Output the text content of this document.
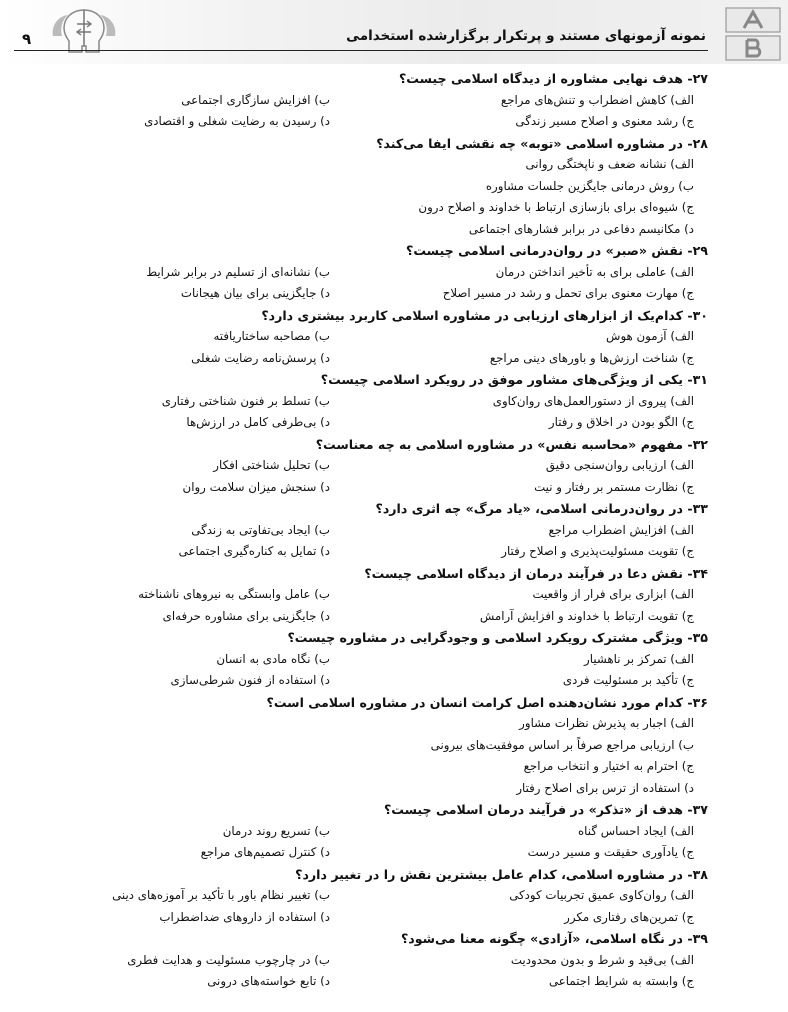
۹	نمونه آزمونهای مستند و پرتکرار برگزارشده استخدامی
۲۷- هدف نهایی مشاوره از دیدگاه اسلامی چیست؟
الف) کاهش اضطراب و تنش‌های مراجع
ب) افزایش سازگاری اجتماعی
ج) رشد معنوی و اصلاح مسیر زندگی
د) رسیدن به رضایت شغلی و اقتصادی
۲۸- در مشاوره اسلامی «توبه» چه نقشی ایفا می‌کند؟
الف) نشانه ضعف و ناپختگی روانی
ب) روش درمانی جایگزین جلسات مشاوره
ج) شیوه‌ای برای بازسازی ارتباط با خداوند و اصلاح درون
د) مکانیسم دفاعی در برابر فشارهای اجتماعی
۲۹- نقش «صبر» در روان‌درمانی اسلامی چیست؟
الف) عاملی برای به تأخیر انداختن درمان
ب) نشانه‌ای از تسلیم در برابر شرایط
ج) مهارت معنوی برای تحمل و رشد در مسیر اصلاح
د) جایگزینی برای بیان هیجانات
۳۰- کدام‌یک از ابزارهای ارزیابی در مشاوره اسلامی کاربرد بیشتری دارد؟
الف) آزمون هوش
ب) مصاحبه ساختاریافته
ج) شناخت ارزش‌ها و باورهای دینی مراجع
د) پرسش‌نامه رضایت شغلی
۳۱- یکی از ویژگی‌های مشاور موفق در رویکرد اسلامی چیست؟
الف) پیروی از دستورالعمل‌های روان‌کاوی
ب) تسلط بر فنون شناختی رفتاری
ج) الگو بودن در اخلاق و رفتار
د) بی‌طرفی کامل در ارزش‌ها
۳۲- مفهوم «محاسبه نفس» در مشاوره اسلامی به چه معناست؟
الف) ارزیابی روان‌سنجی دقیق
ب) تحلیل شناختی افکار
ج) نظارت مستمر بر رفتار و نیت
د) سنجش میزان سلامت روان
۳۳- در روان‌درمانی اسلامی، «یاد مرگ» چه اثری دارد؟
الف) افزایش اضطراب مراجع
ب) ایجاد بی‌تفاوتی به زندگی
ج) تقویت مسئولیت‌پذیری و اصلاح رفتار
د) تمایل به کناره‌گیری اجتماعی
۳۴- نقش دعا در فرآیند درمان از دیدگاه اسلامی چیست؟
الف) ابزاری برای فرار از واقعیت
ب) عامل وابستگی به نیروهای ناشناخته
ج) تقویت ارتباط با خداوند و افزایش آرامش
د) جایگزینی برای مشاوره حرفه‌ای
۳۵- ویژگی مشترک رویکرد اسلامی و وجودگرایی در مشاوره چیست؟
الف) تمرکز بر ناهشیار
ب) نگاه مادی به انسان
ج) تأکید بر مسئولیت فردی
د) استفاده از فنون شرطی‌سازی
۳۶- کدام مورد نشان‌دهنده اصل کرامت انسان در مشاوره اسلامی است؟
الف) اجبار به پذیرش نظرات مشاور
ب) ارزیابی مراجع صرفاً بر اساس موفقیت‌های بیرونی
ج) احترام به اختیار و انتخاب مراجع
د) استفاده از ترس برای اصلاح رفتار
۳۷- هدف از «تذکر» در فرآیند درمان اسلامی چیست؟
الف) ایجاد احساس گناه
ب) تسریع روند درمان
ج) یادآوری حقیقت و مسیر درست
د) کنترل تصمیم‌های مراجع
۳۸- در مشاوره اسلامی، کدام عامل بیشترین نقش را در تغییر دارد؟
الف) روان‌کاوی عمیق تجربیات کودکی
ب) تغییر نظام باور با تأکید بر آموزه‌های دینی
ج) تمرین‌های رفتاری مکرر
د) استفاده از داروهای ضداضطراب
۳۹- در نگاه اسلامی، «آزادی» چگونه معنا می‌شود؟
الف) بی‌قید و شرط و بدون محدودیت
ب) در چارچوب مسئولیت و هدایت فطری
ج) وابسته به شرایط اجتماعی
د) تابع خواسته‌های درونی
